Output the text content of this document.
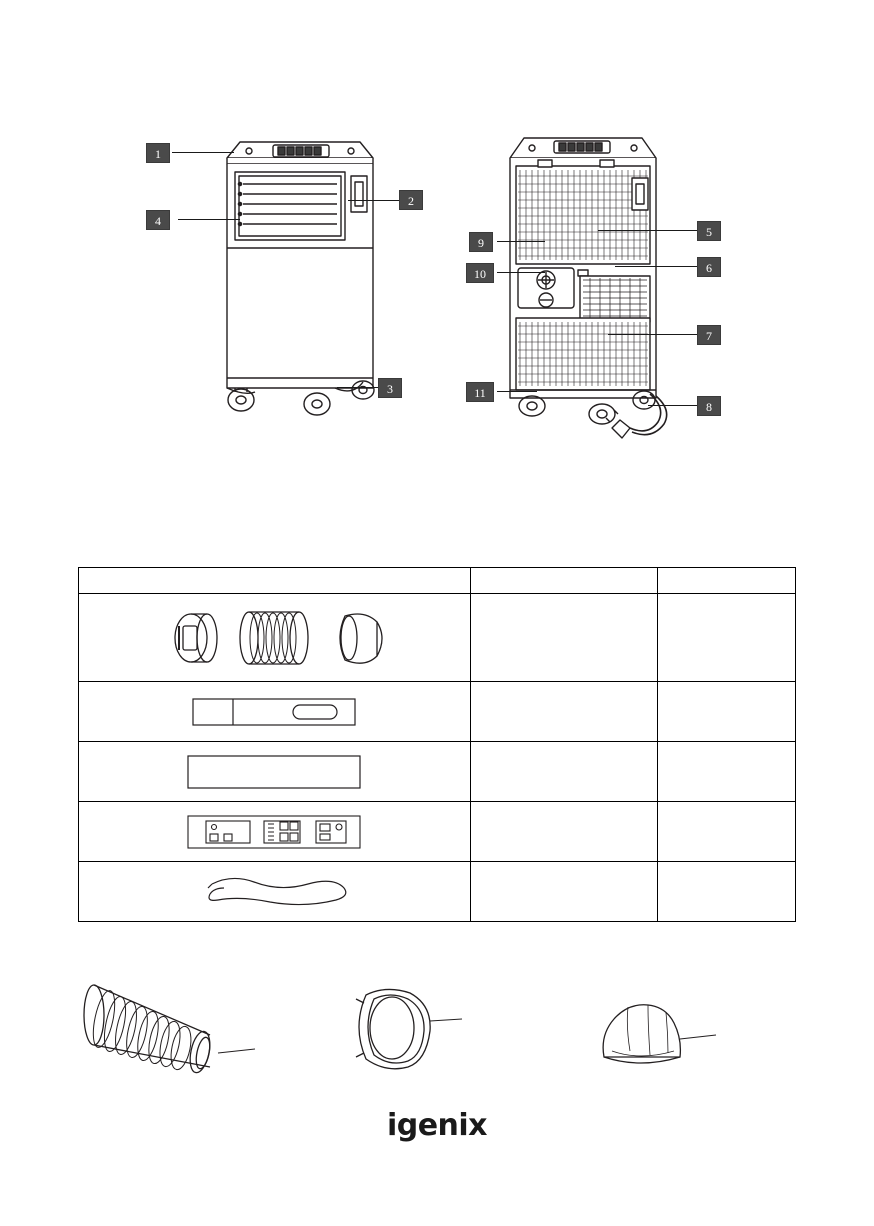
1
2
3
4
5
6
7
8
9
10
11

igenix
